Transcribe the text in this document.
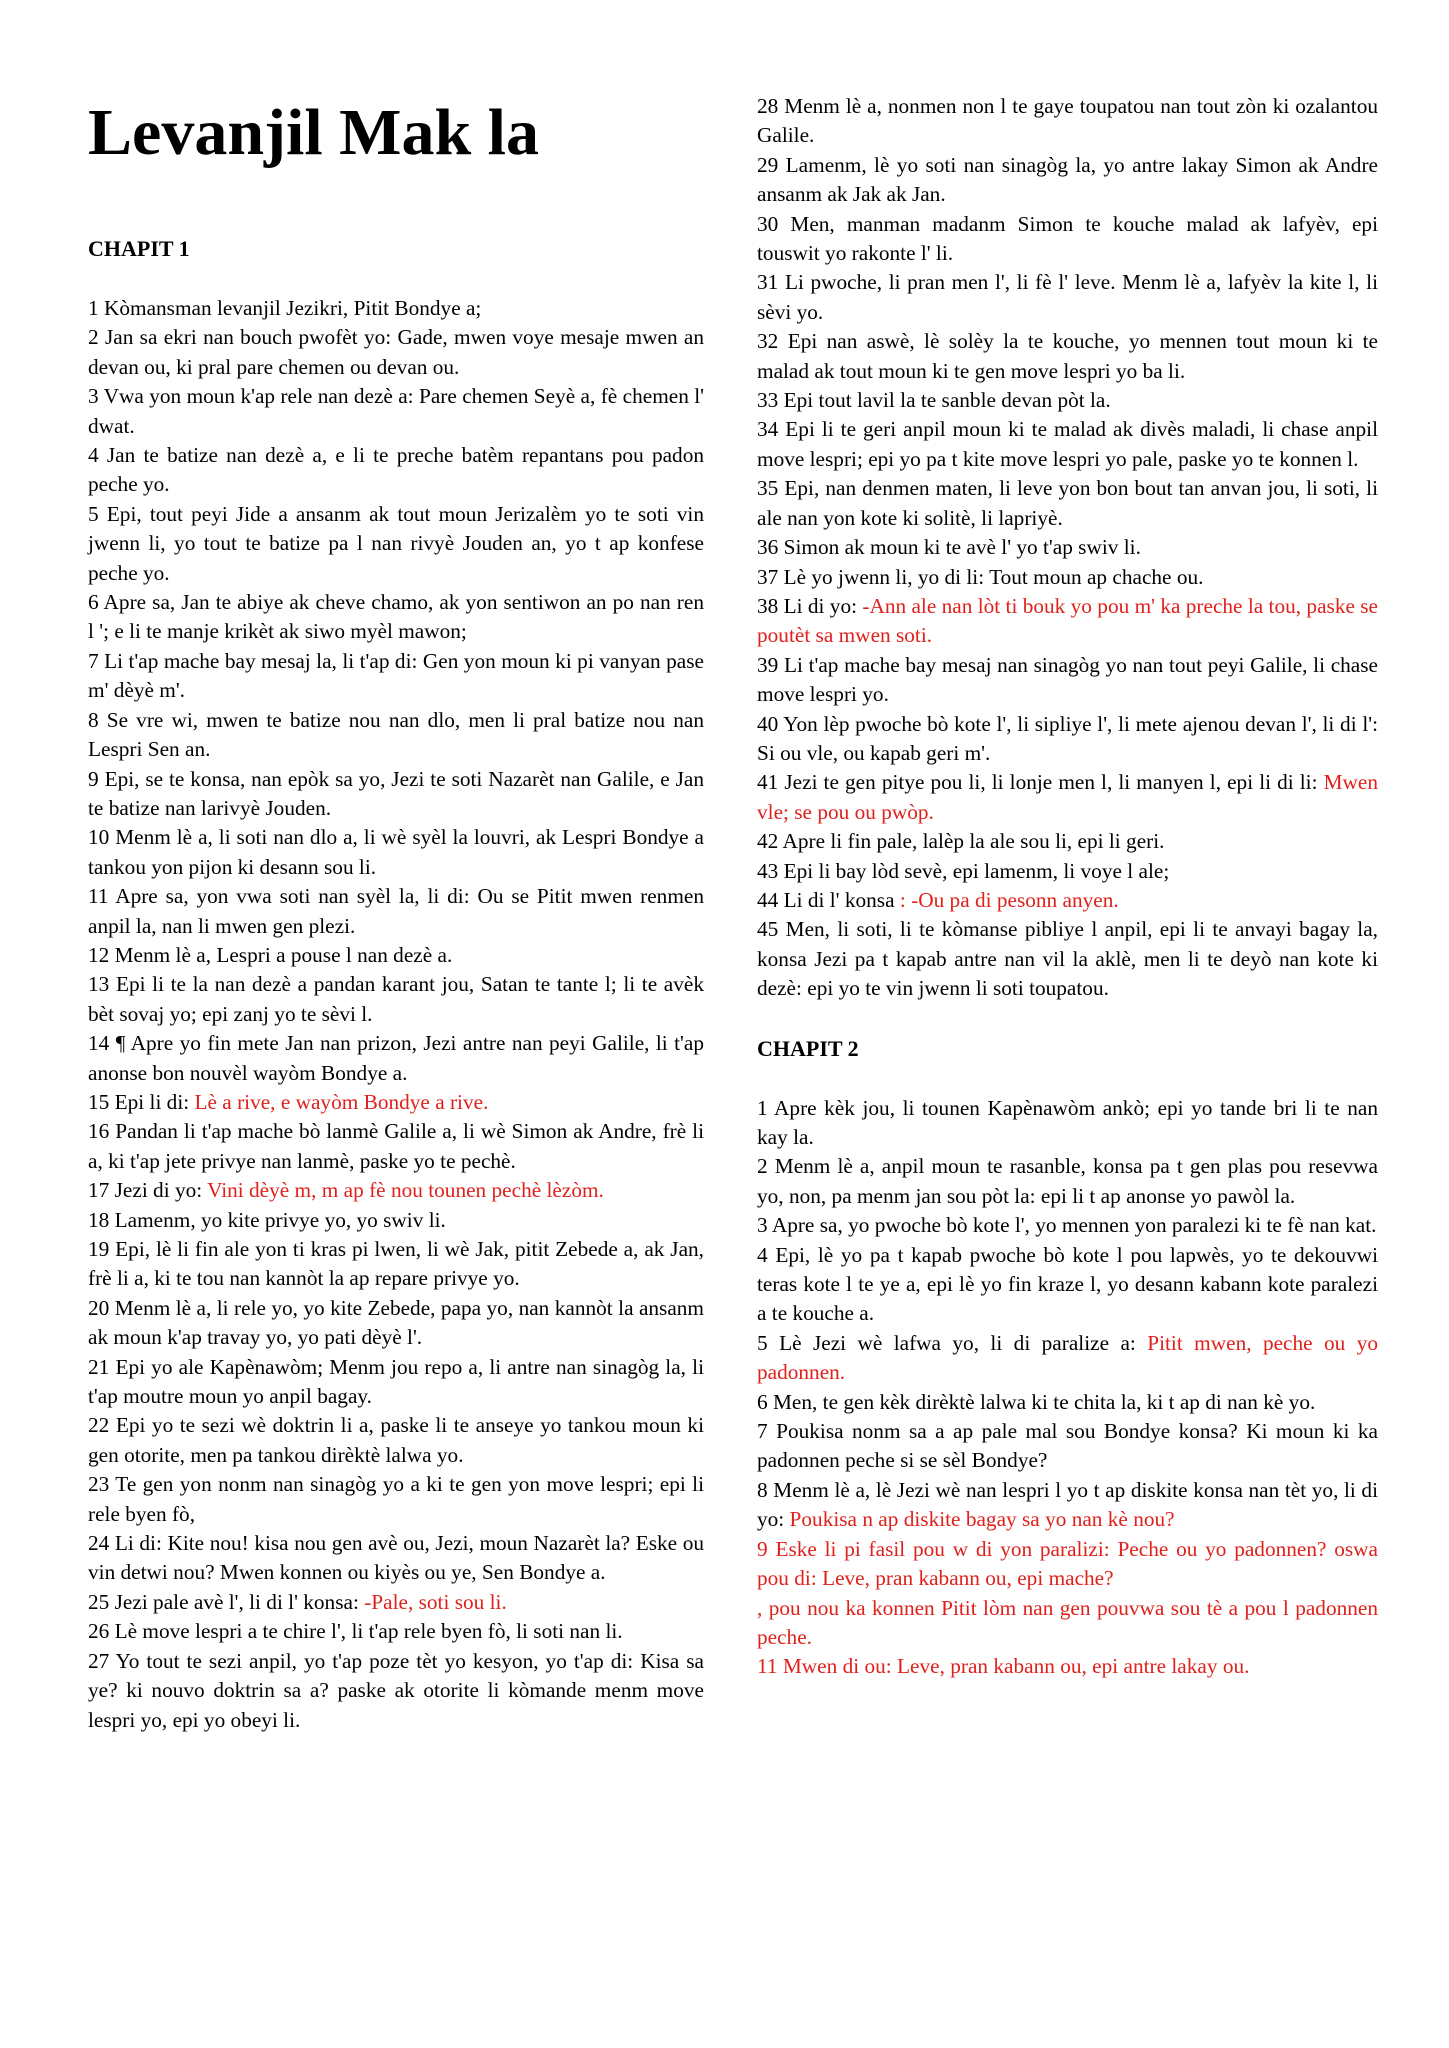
Levanjil Mak la
CHAPIT 1

1 Kòmansman levanjil Jezikri, Pitit Bondye a;

2 Jan sa ekri nan bouch pwofèt yo: Gade, mwen voye mesaje mwen an devan ou, ki pral pare chemen ou devan ou.

3 Vwa yon moun k'ap rele nan dezè a: Pare chemen Seyè a, fè chemen l' dwat.

4 Jan te batize nan dezè a, e li te preche batèm repantans pou padon peche yo.

5 Epi, tout peyi Jide a ansanm ak tout moun Jerizalèm yo te soti vin jwenn li, yo tout te batize pa l nan rivyè Jouden an, yo t ap konfese peche yo.

6 Apre sa, Jan te abiye ak cheve chamo, ak yon sentiwon an po nan ren l '; e li te manje krikèt ak siwo myèl mawon;

7 Li t'ap mache bay mesaj la, li t'ap di: Gen yon moun ki pi vanyan pase m' dèyè m'.

8 Se vre wi, mwen te batize nou nan dlo, men li pral batize nou nan Lespri Sen an.

9 Epi, se te konsa, nan epòk sa yo, Jezi te soti Nazarèt nan Galile, e Jan te batize nan larivyè Jouden.

10 Menm lè a, li soti nan dlo a, li wè syèl la louvri, ak Lespri Bondye a tankou yon pijon ki desann sou li.

11 Apre sa, yon vwa soti nan syèl la, li di: Ou se Pitit mwen renmen anpil la, nan li mwen gen plezi.

12 Menm lè a, Lespri a pouse l nan dezè a.

13 Epi li te la nan dezè a pandan karant jou, Satan te tante l; li te avèk bèt sovaj yo; epi zanj yo te sèvi l.

14 ¶ Apre yo fin mete Jan nan prizon, Jezi antre nan peyi Galile, li t'ap anonse bon nouvèl wayòm Bondye a.

15 Epi li di: Lè a rive, e wayòm Bondye a rive.

16 Pandan li t'ap mache bò lanmè Galile a, li wè Simon ak Andre, frè li a, ki t'ap jete privye nan lanmè, paske yo te pechè.

17 Jezi di yo: Vini dèyè m, m ap fè nou tounen pechè lèzòm.

18 Lamenm, yo kite privye yo, yo swiv li.

19 Epi, lè li fin ale yon ti kras pi lwen, li wè Jak, pitit Zebede a, ak Jan, frè li a, ki te tou nan kannòt la ap repare privye yo.

20 Menm lè a, li rele yo, yo kite Zebede, papa yo, nan kannòt la ansanm ak moun k'ap travay yo, yo pati dèyè l'.

21 Epi yo ale Kapènawòm; Menm jou repo a, li antre nan sinagòg la, li t'ap moutre moun yo anpil bagay.

22 Epi yo te sezi wè doktrin li a, paske li te anseye yo tankou moun ki gen otorite, men pa tankou dirèktè lalwa yo.

23 Te gen yon nonm nan sinagòg yo a ki te gen yon move lespri; epi li rele byen fò,

24 Li di: Kite nou! kisa nou gen avè ou, Jezi, moun Nazarèt la? Eske ou vin detwi nou? Mwen konnen ou kiyès ou ye, Sen Bondye a.

25 Jezi pale avè l', li di l' konsa: -Pale, soti sou li.

26 Lè move lespri a te chire l', li t'ap rele byen fò, li soti nan li.

27 Yo tout te sezi anpil, yo t'ap poze tèt yo kesyon, yo t'ap di: Kisa sa ye? ki nouvo doktrin sa a? paske ak otorite li kòmande menm move lespri yo, epi yo obeyi li.

28 Menm lè a, nonmen non l te gaye toupatou nan tout zòn ki ozalantou Galile.

29 Lamenm, lè yo soti nan sinagòg la, yo antre lakay Simon ak Andre ansanm ak Jak ak Jan.

30 Men, manman madanm Simon te kouche malad ak lafyèv, epi touswit yo rakonte l' li.

31 Li pwoche, li pran men l', li fè l' leve. Menm lè a, lafyèv la kite l, li sèvi yo.

32 Epi nan aswè, lè solèy la te kouche, yo mennen tout moun ki te malad ak tout moun ki te gen move lespri yo ba li.

33 Epi tout lavil la te sanble devan pòt la.

34 Epi li te geri anpil moun ki te malad ak divès maladi, li chase anpil move lespri; epi yo pa t kite move lespri yo pale, paske yo te konnen l.

35 Epi, nan denmen maten, li leve yon bon bout tan anvan jou, li soti, li ale nan yon kote ki solitè, li lapriyè.

36 Simon ak moun ki te avè l' yo t'ap swiv li.

37 Lè yo jwenn li, yo di li: Tout moun ap chache ou.

38 Li di yo: -Ann ale nan lòt ti bouk yo pou m' ka preche la tou, paske se poutèt sa mwen soti.

39 Li t'ap mache bay mesaj nan sinagòg yo nan tout peyi Galile, li chase move lespri yo.

40 Yon lèp pwoche bò kote l', li sipliye l', li mete ajenou devan l', li di l': Si ou vle, ou kapab geri m'.

41 Jezi te gen pitye pou li, li lonje men l, li manyen l, epi li di li: Mwen vle; se pou ou pwòp.

42 Apre li fin pale, lalèp la ale sou li, epi li geri.

43 Epi li bay lòd sevè, epi lamenm, li voye l ale;

44 Li di l' konsa : -Ou pa di pesonn anyen.

45 Men, li soti, li te kòmanse pibliye l anpil, epi li te anvayi bagay la, konsa Jezi pa t kapab antre nan vil la aklè, men li te deyò nan kote ki dezè: epi yo te vin jwenn li soti toupatou.

CHAPIT 2

1 Apre kèk jou, li tounen Kapènawòm ankò; epi yo tande bri li te nan kay la.

2 Menm lè a, anpil moun te rasanble, konsa pa t gen plas pou resevwa yo, non, pa menm jan sou pòt la: epi li t ap anonse yo pawòl la.

3 Apre sa, yo pwoche bò kote l', yo mennen yon paralezi ki te fè nan kat.

4 Epi, lè yo pa t kapab pwoche bò kote l pou lapwès, yo te dekouvwi teras kote l te ye a, epi lè yo fin kraze l, yo desann kabann kote paralezi a te kouche a.

5 Lè Jezi wè lafwa yo, li di paralize a: Pitit mwen, peche ou yo padonnen.

6 Men, te gen kèk dirèktè lalwa ki te chita la, ki t ap di nan kè yo.

7 Poukisa nonm sa a ap pale mal sou Bondye konsa? Ki moun ki ka padonnen peche si se sèl Bondye?

8 Menm lè a, lè Jezi wè nan lespri l yo t ap diskite konsa nan tèt yo, li di yo: Poukisa n ap diskite bagay sa yo nan kè nou?

9 Eske li pi fasil pou w di yon paralizi: Peche ou yo padonnen? oswa pou di: Leve, pran kabann ou, epi mache?

, pou nou ka konnen Pitit lòm nan gen pouvwa sou tè a pou l padonnen peche.

11 Mwen di ou: Leve, pran kabann ou, epi antre lakay ou.
